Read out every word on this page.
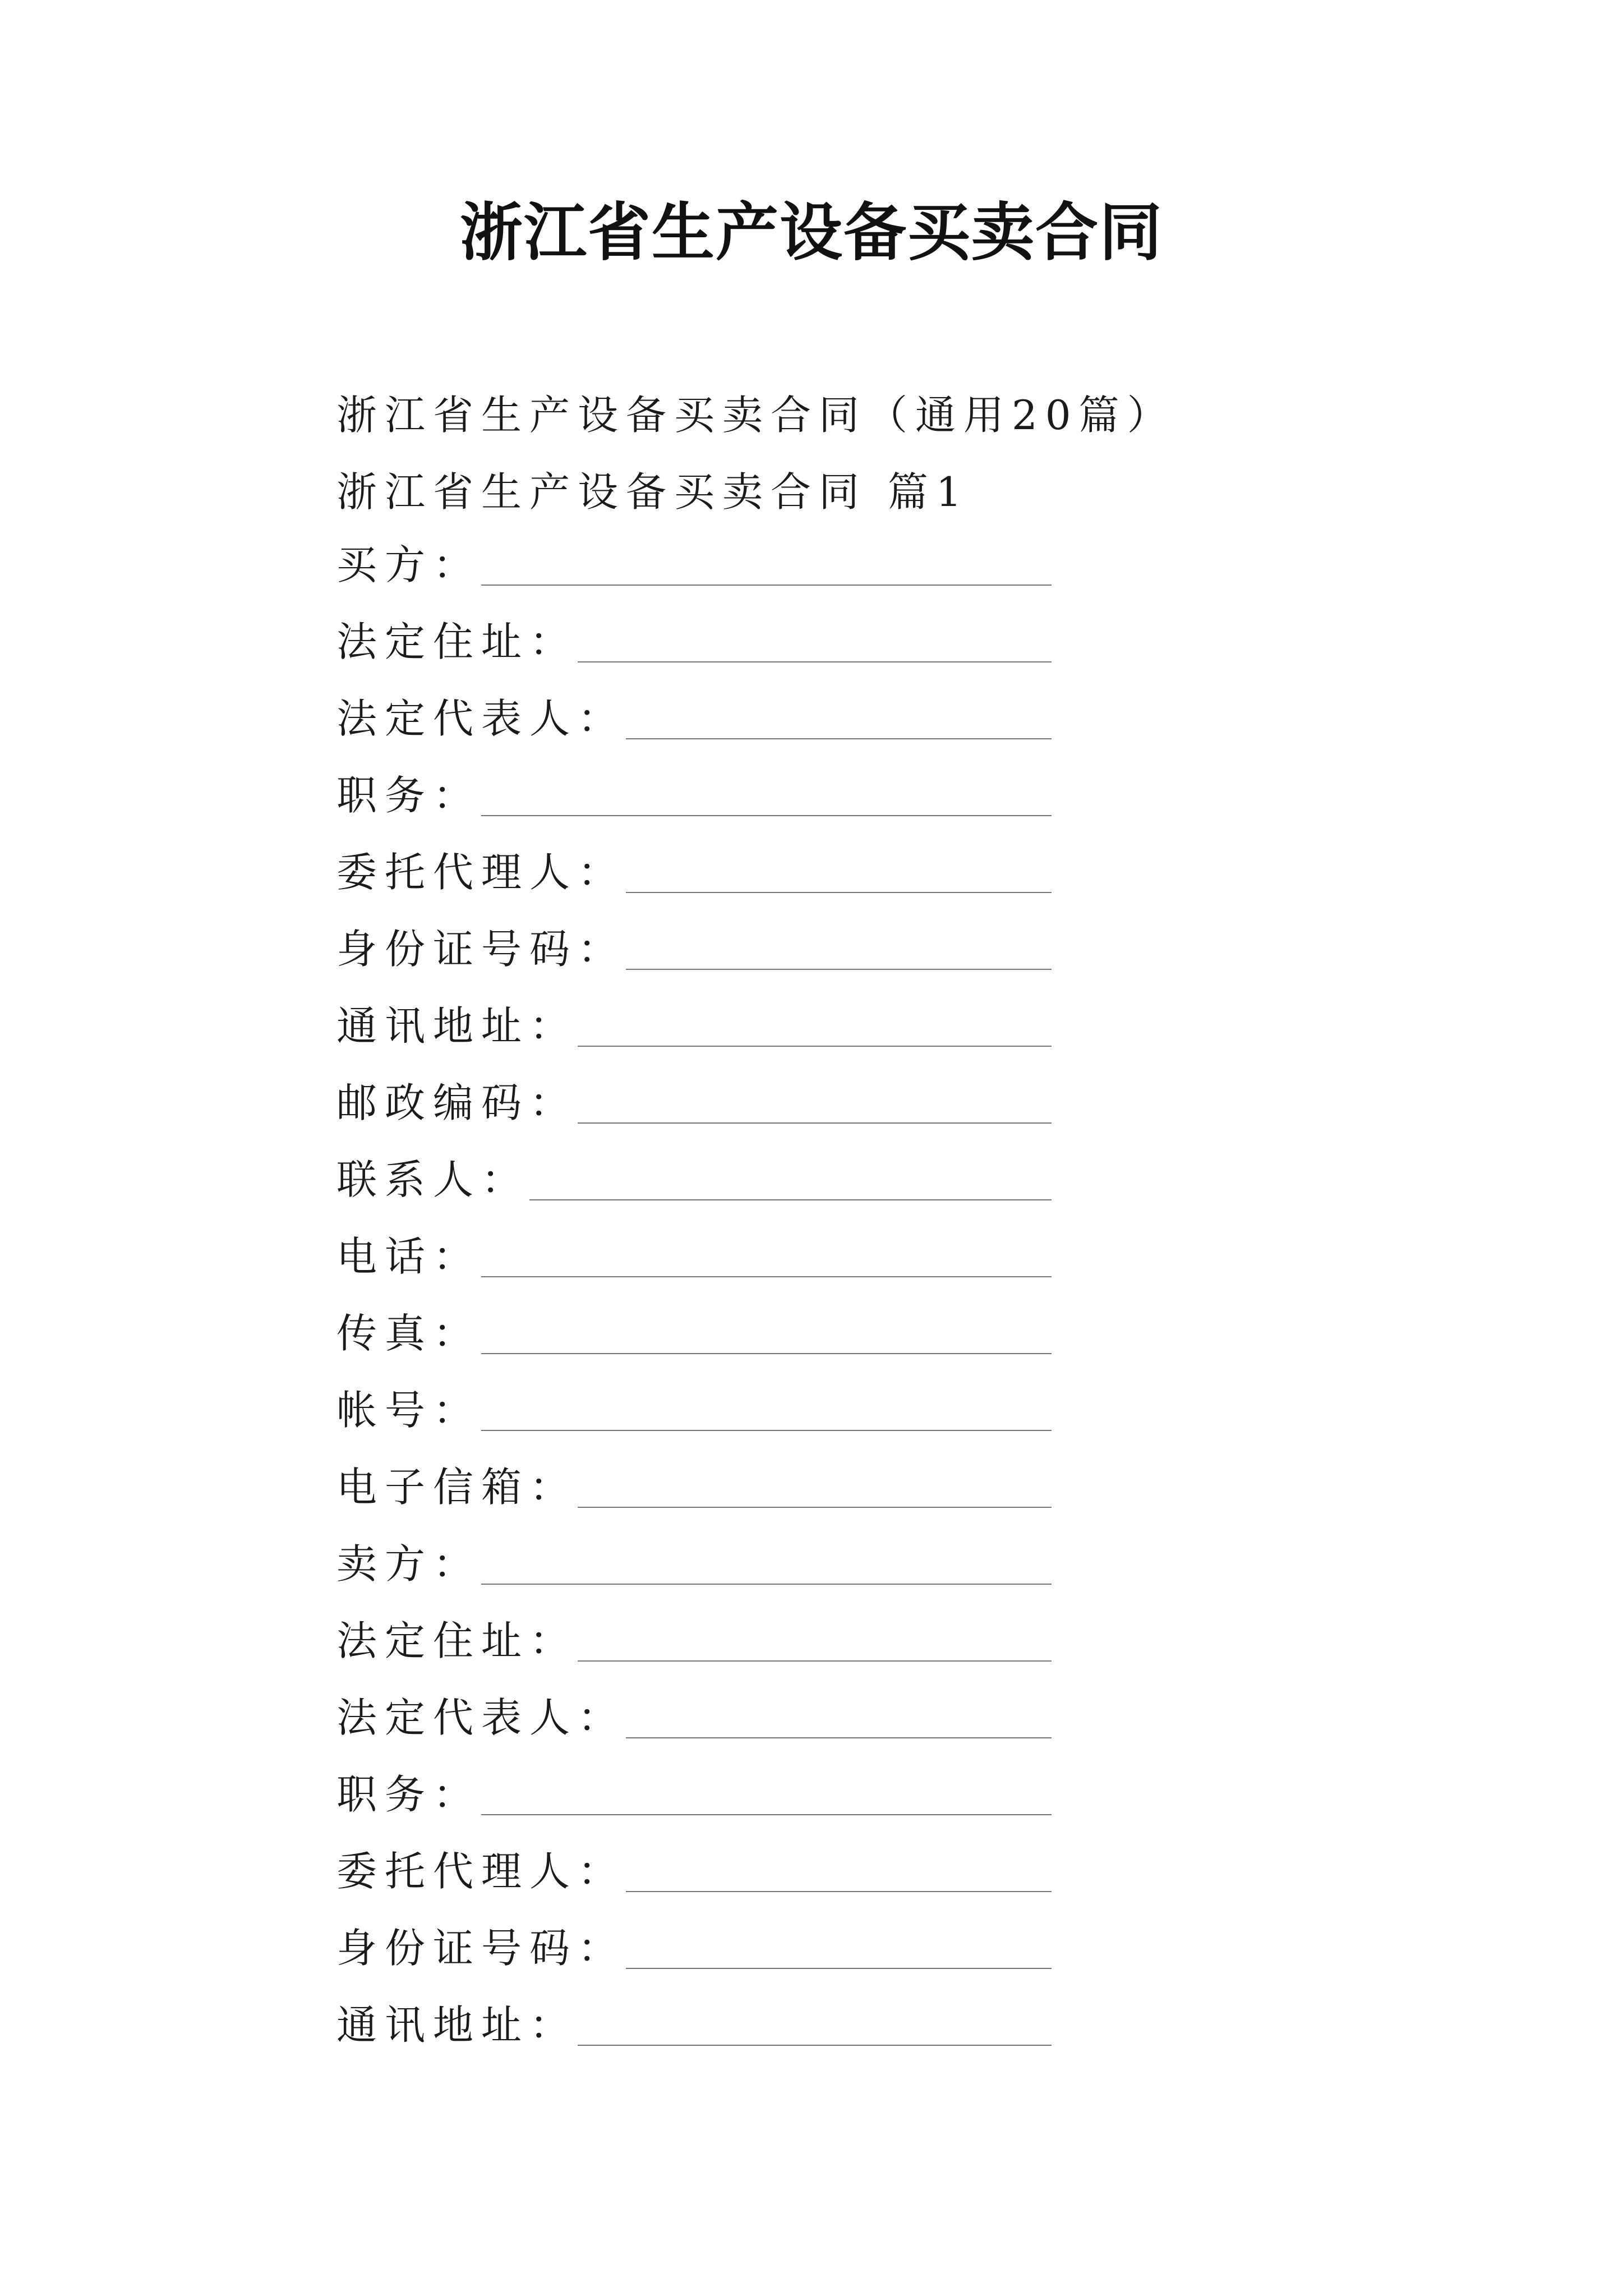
浙江省生产设备买卖合同
浙江省生产设备买卖合同（通用20篇）
浙江省生产设备买卖合同 篇1
买方：
法定住址：
法定代表人：
职务：
委托代理人：
身份证号码：
通讯地址：
邮政编码：
联系人：
电话：
传真：
帐号：
电子信箱：
卖方：
法定住址：
法定代表人：
职务：
委托代理人：
身份证号码：
通讯地址：
